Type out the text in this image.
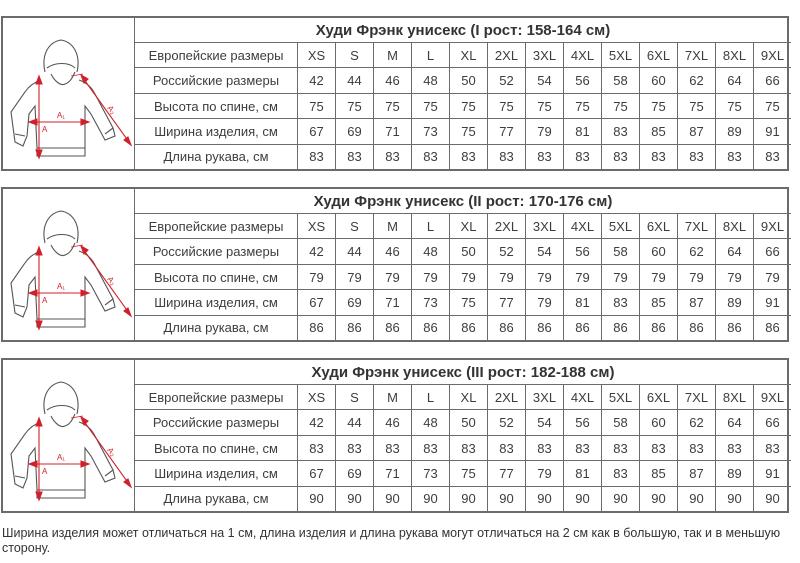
A
A₁	A₂
Худи Фрэнк унисекс (I рост: 158-164 см)
Европейские размеры	XS	S	M	L	XL	2XL	3XL	4XL	5XL	6XL	7XL	8XL	9XL
Российские размеры	42	44	46	48	50	52	54	56	58	60	62	64	66
Высота по спине, см	75	75	75	75	75	75	75	75	75	75	75	75	75
Ширина изделия, см	67	69	71	73	75	77	79	81	83	85	87	89	91
Длина рукава, см	83	83	83	83	83	83	83	83	83	83	83	83	83
A
A₁	A₂
Худи Фрэнк унисекс (II рост: 170-176 см)
Европейские размеры	XS	S	M	L	XL	2XL	3XL	4XL	5XL	6XL	7XL	8XL	9XL
Российские размеры	42	44	46	48	50	52	54	56	58	60	62	64	66
Высота по спине, см	79	79	79	79	79	79	79	79	79	79	79	79	79
Ширина изделия, см	67	69	71	73	75	77	79	81	83	85	87	89	91
Длина рукава, см	86	86	86	86	86	86	86	86	86	86	86	86	86
A
A₁	A₂
Худи Фрэнк унисекс (III рост: 182-188 см)
Европейские размеры	XS	S	M	L	XL	2XL	3XL	4XL	5XL	6XL	7XL	8XL	9XL
Российские размеры	42	44	46	48	50	52	54	56	58	60	62	64	66
Высота по спине, см	83	83	83	83	83	83	83	83	83	83	83	83	83
Ширина изделия, см	67	69	71	73	75	77	79	81	83	85	87	89	91
Длина рукава, см	90	90	90	90	90	90	90	90	90	90	90	90	90
Ширина изделия может отличаться на 1 см, длина изделия и длина рукава могут отличаться на 2 см как в большую, так и в меньшую сторону.
